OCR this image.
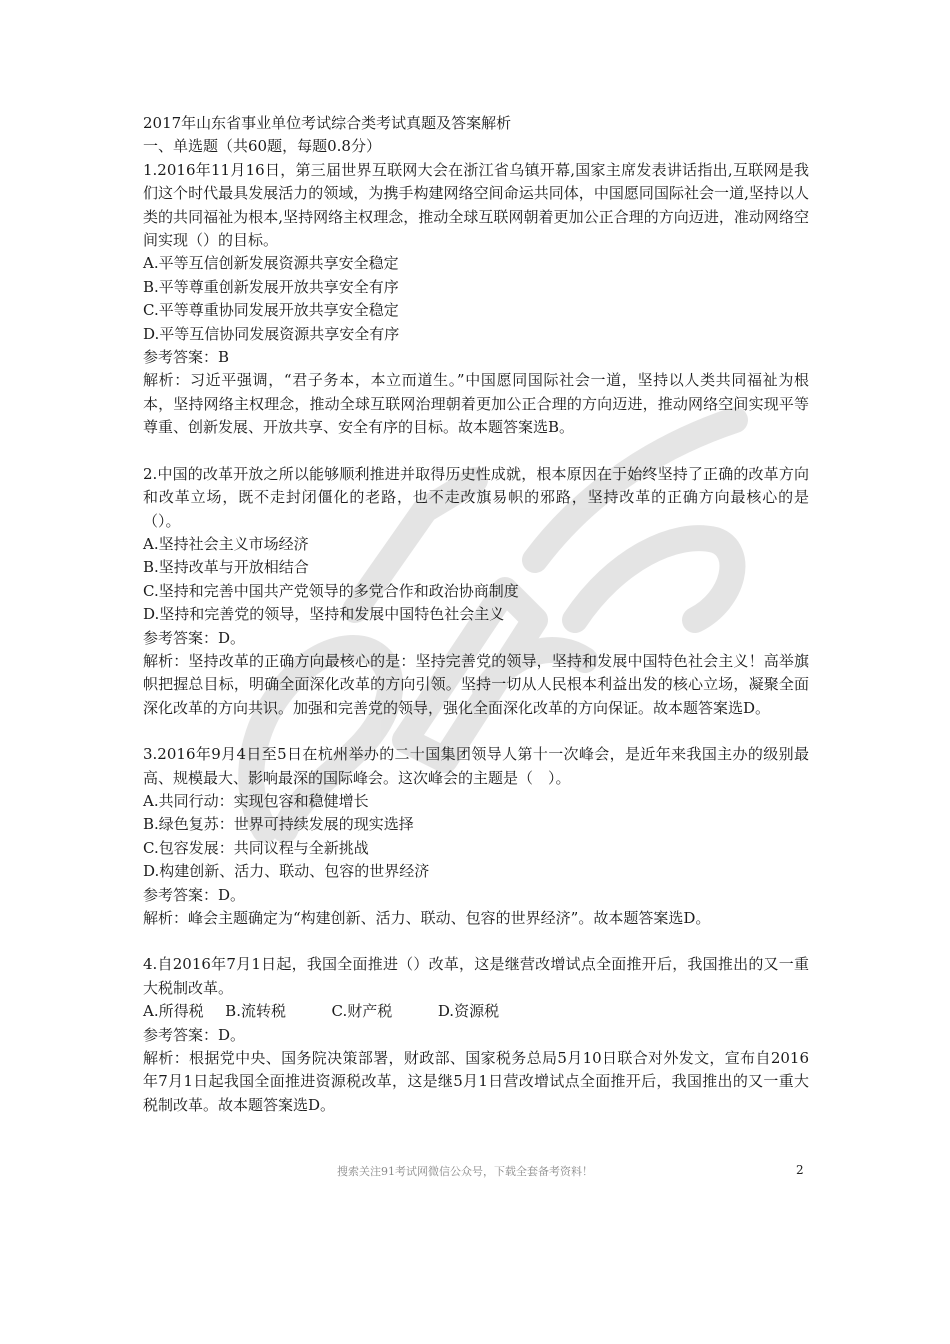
2017年山东省事业单位考试综合类考试真题及答案解析
一、单选题（共60题，每题0.8分）
1.2016年11月16日，第三届世界互联网大会在浙江省乌镇开幕,国家主席发表讲话指出,互联网是我们这个时代最具发展活力的领域，为携手构建网络空间命运共同体，中国愿同国际社会一道,坚持以人类的共同福祉为根本,坚持网络主权理念，推动全球互联网朝着更加公正合理的方向迈进，准动网络空间实现（）的目标。
A.平等互信创新发展资源共享安全稳定
B.平等尊重创新发展开放共享安全有序
C.平等尊重协同发展开放共享安全稳定
D.平等互信协同发展资源共享安全有序
参考答案：B
解析：习近平强调，“君子务本，本立而道生。”中国愿同国际社会一道，坚持以人类共同福祉为根本，坚持网络主权理念，推动全球互联网治理朝着更加公正合理的方向迈进，推动网络空间实现平等尊重、创新发展、开放共享、安全有序的目标。故本题答案选B。
2.中国的改革开放之所以能够顺利推进并取得历史性成就，根本原因在于始终坚持了正确的改革方向和改革立场，既不走封闭僵化的老路，也不走改旗易帜的邪路，坚持改革的正确方向最核心的是（）。
A.坚持社会主义市场经济
B.坚持改革与开放相结合
C.坚持和完善中国共产党领导的多党合作和政治协商制度
D.坚持和完善党的领导，坚持和发展中国特色社会主义
参考答案：D。
解析：坚持改革的正确方向最核心的是：坚持完善党的领导，坚持和发展中国特色社会主义！高举旗帜把握总目标，明确全面深化改革的方向引领。坚持一切从人民根本利益出发的核心立场，凝聚全面深化改革的方向共识。加强和完善党的领导，强化全面深化改革的方向保证。故本题答案选D。
3.2016年9月4日至5日在杭州举办的二十国集团领导人第十一次峰会，是近年来我国主办的级别最高、规模最大、影响最深的国际峰会。这次峰会的主题是（　）。
A.共同行动：实现包容和稳健增长
B.绿色复苏：世界可持续发展的现实选择
C.包容发展：共同议程与全新挑战
D.构建创新、活力、联动、包容的世界经济
参考答案：D。
解析：峰会主题确定为“构建创新、活力、联动、包容的世界经济”。故本题答案选D。
4.自2016年7月1日起，我国全面推进（）改革，这是继营改增试点全面推开后，我国推出的又一重大税制改革。
A.所得税 B.流转税	C.财产税	D.资源税
参考答案：D。
解析：根据党中央、国务院决策部署，财政部、国家税务总局5月10日联合对外发文，宣布自2016年7月1日起我国全面推进资源税改革，这是继5月1日营改增试点全面推开后，我国推出的又一重大税制改革。故本题答案选D。
搜索关注91考试网微信公众号，下载全套备考资料！	2
